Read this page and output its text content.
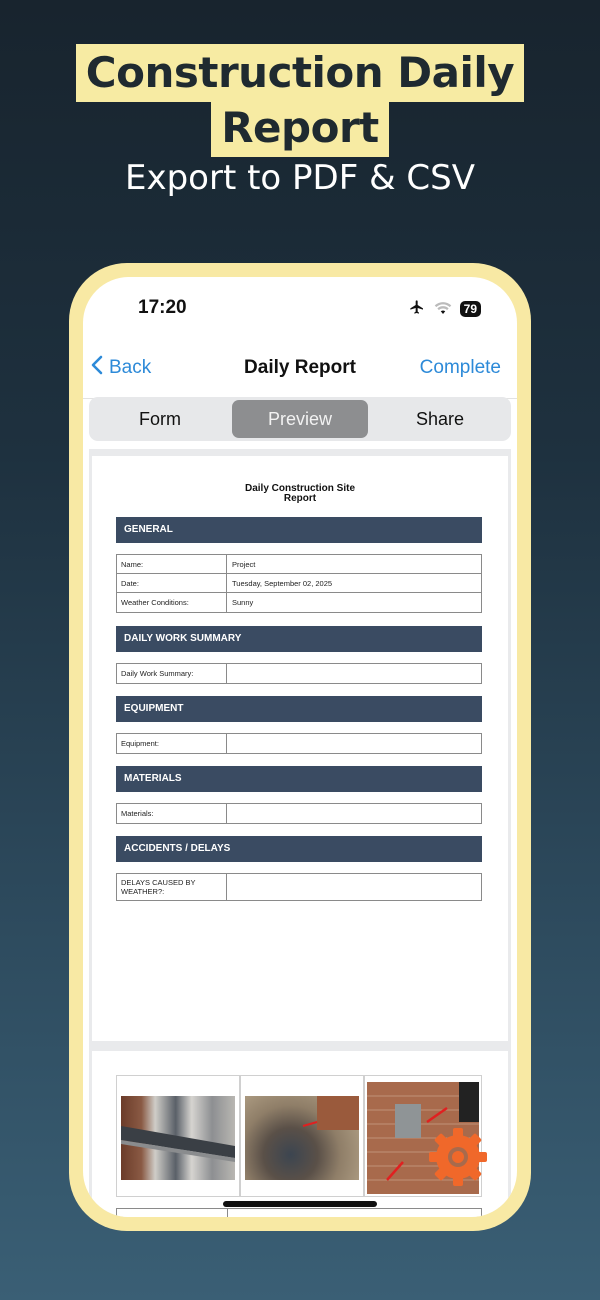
Construction Daily
Report
Export to PDF & CSV
17:20	79
Back	Daily Report	Complete
Form	Preview	Share
Daily Construction Site
Report
GENERAL
Name:	Project
Date:	Tuesday, September 02, 2025
Weather Conditions:	Sunny
DAILY WORK SUMMARY
Daily Work Summary:
EQUIPMENT
Equipment:
MATERIALS
Materials:
ACCIDENTS / DELAYS
DELAYS CAUSED BY WEATHER?:
